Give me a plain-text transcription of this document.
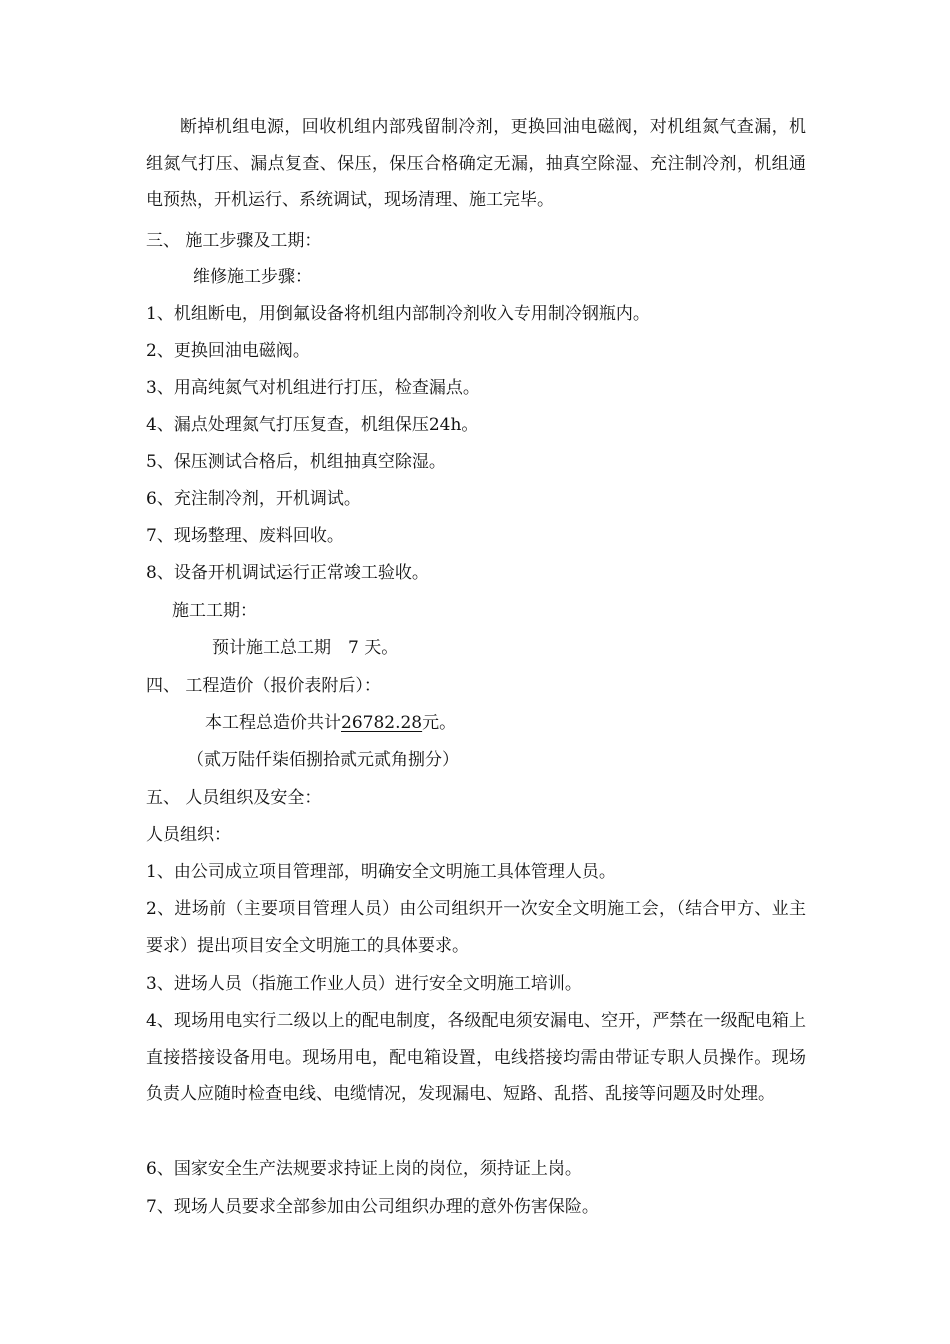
断掉机组电源，回收机组内部残留制冷剂，更换回油电磁阀，对机组氮气查漏，机组氮气打压、漏点复查、保压，保压合格确定无漏，抽真空除湿、充注制冷剂，机组通电预热，开机运行、系统调试，现场清理、施工完毕。
三、 施工步骤及工期：
维修施工步骤：
1、机组断电，用倒氟设备将机组内部制冷剂收入专用制冷钢瓶内。
2、更换回油电磁阀。
3、用高纯氮气对机组进行打压，检查漏点。
4、漏点处理氮气打压复查，机组保压24h。
5、保压测试合格后，机组抽真空除湿。
6、充注制冷剂，开机调试。
7、现场整理、废料回收。
8、设备开机调试运行正常竣工验收。
施工工期：
预计施工总工期　7 天。
四、 工程造价（报价表附后）：
本工程总造价共计26782.28元。
（贰万陆仟柒佰捌拾贰元贰角捌分）
五、 人员组织及安全：
人员组织：
1、由公司成立项目管理部，明确安全文明施工具体管理人员。
2、进场前（主要项目管理人员）由公司组织开一次安全文明施工会，（结合甲方、业主要求）提出项目安全文明施工的具体要求。
3、进场人员（指施工作业人员）进行安全文明施工培训。
4、现场用电实行二级以上的配电制度，各级配电须安漏电、空开，严禁在一级配电箱上直接搭接设备用电。现场用电，配电箱设置，电线搭接均需由带证专职人员操作。现场负责人应随时检查电线、电缆情况，发现漏电、短路、乱搭、乱接等问题及时处理。
6、国家安全生产法规要求持证上岗的岗位，须持证上岗。
7、现场人员要求全部参加由公司组织办理的意外伤害保险。
